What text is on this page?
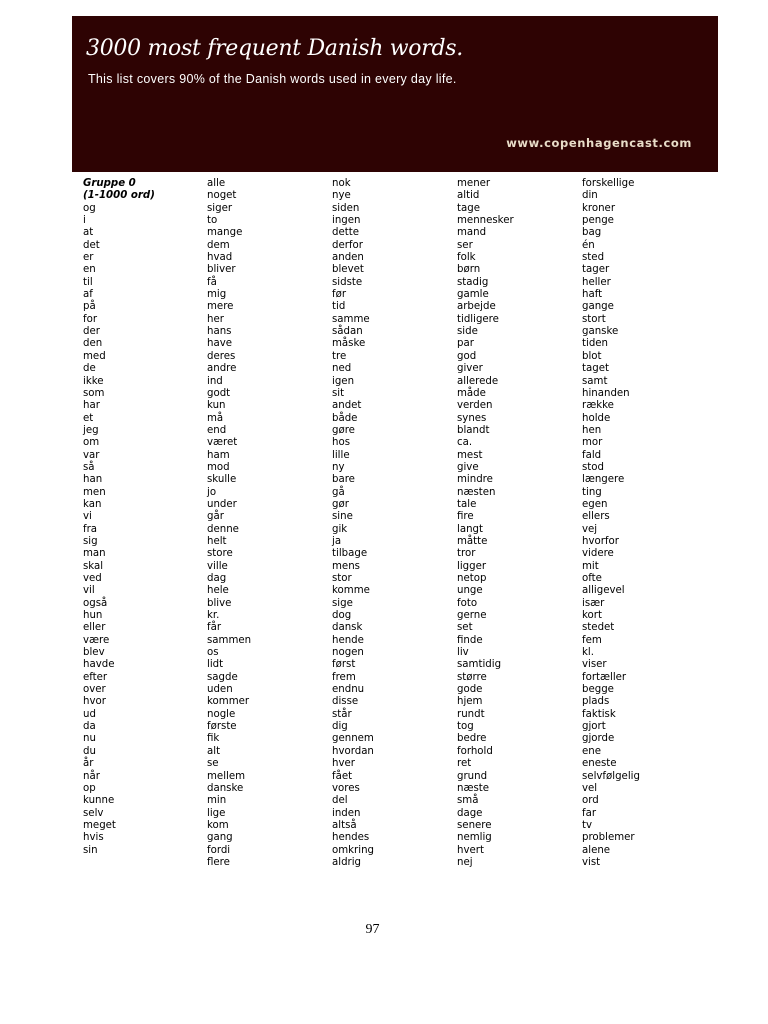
3000 most frequent Danish words.
This list covers 90% of the Danish words used in every day life.
www.copenhagencast.com
Gruppe 0
(1-1000 ord)
og
i
at
det
er
en
til
af
på
for
der
den
med
de
ikke
som
har
et
jeg
om
var
så
han
men
kan
vi
fra
sig
man
skal
ved
vil
også
hun
eller
være
blev
havde
efter
over
hvor
ud
da
nu
du
år
når
op
kunne
selv
meget
hvis
sin
alle
noget
siger
to
mange
dem
hvad
bliver
få
mig
mere
her
hans
have
deres
andre
ind
godt
kun
må
end
været
ham
mod
skulle
jo
under
går
denne
helt
store
ville
dag
hele
blive
kr.
får
sammen
os
lidt
sagde
uden
kommer
nogle
første
fik
alt
se
mellem
danske
min
lige
kom
gang
fordi
flere
nok
nye
siden
ingen
dette
derfor
anden
blevet
sidste
før
tid
samme
sådan
måske
tre
ned
igen
sit
andet
både
gøre
hos
lille
ny
bare
gå
gør
sine
gik
ja
tilbage
mens
stor
komme
sige
dog
dansk
hende
nogen
først
frem
endnu
disse
står
dig
gennem
hvordan
hver
fået
vores
del
inden
altså
hendes
omkring
aldrig
mener
altid
tage
mennesker
mand
ser
folk
børn
stadig
gamle
arbejde
tidligere
side
par
god
giver
allerede
måde
verden
synes
blandt
ca.
mest
give
mindre
næsten
tale
fire
langt
måtte
tror
ligger
netop
unge
foto
gerne
set
finde
liv
samtidig
større
gode
hjem
rundt
tog
bedre
forhold
ret
grund
næste
små
dage
senere
nemlig
hvert
nej
forskellige
din
kroner
penge
bag
én
sted
tager
heller
haft
gange
stort
ganske
tiden
blot
taget
samt
hinanden
række
holde
hen
mor
fald
stod
længere
ting
egen
ellers
vej
hvorfor
videre
mit
ofte
alligevel
især
kort
stedet
fem
kl.
viser
fortæller
begge
plads
faktisk
gjort
gjorde
ene
eneste
selvfølgelig
vel
ord
far
tv
problemer
alene
vist
97
